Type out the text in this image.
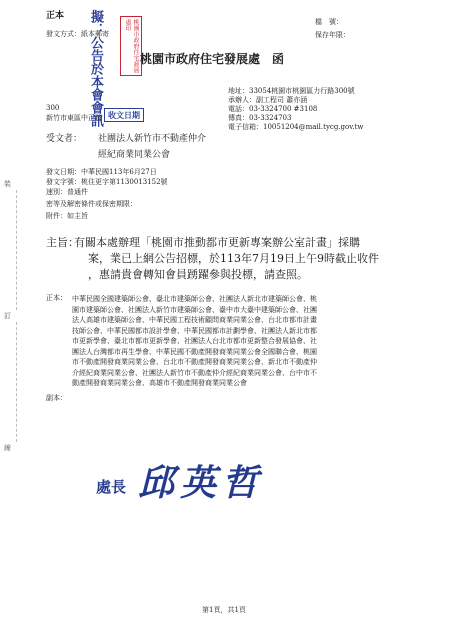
正本
發文方式：紙本郵寄
檔　號：
保存年限：
擬：公告於本會會訊	桃園市政府住宅發展處印
桃園市政府住宅發展處　函
地址：33054桃園市桃園區力行路300號
承辦人：副工程司 蕭亦涵
電話：03-3324700 #3108
傳真：03-3324703
電子信箱：10051204@mail.tycg.gov.tw
300
新竹市東區中正路 收文日期
受文者： 社團法人新竹市不動產仲介
經紀商業同業公會
發文日期：中華民國113年6月27日
發文字號：桃住更字第1130013152號
速別：普通件
密等及解密條件或保密期限：
附件：如主旨
裝
訂
線
主旨：
有關本處辦理「桃園市推動都市更新專案辦公室計畫」採購
案，業已上網公告招標，於113年7月19日上午9時截止收件
，惠請貴會轉知會員踴躍參與投標，請查照。
正本： 中華民國全國建築師公會、臺北市建築師公會、社團法人新北市建築師公會、桃

園市建築師公會、社團法人新竹市建築師公會、臺中市大臺中建築師公會、社團

法人高雄市建築師公會、中華民國工程技術顧問商業同業公會、台北市都市計畫

技師公會、中華民國都市設計學會、中華民國都市計劃學會、社團法人新北市都

市更新學會、臺北市都市更新學會、社團法人台北市都市更新整合發展協會、社

團法人台灣都市再生學會、中華民國不動產開發商業同業公會全國聯合會、桃園

市不動產開發商業同業公會、台北市不動產開發商業同業公會、新北市不動產仲

介經紀商業同業公會、社團法人新竹市不動產仲介經紀商業同業公會、台中市不

動產開發商業同業公會、高雄市不動產開發商業同業公會

副本：
處長 邱英哲
第1頁，共1頁
